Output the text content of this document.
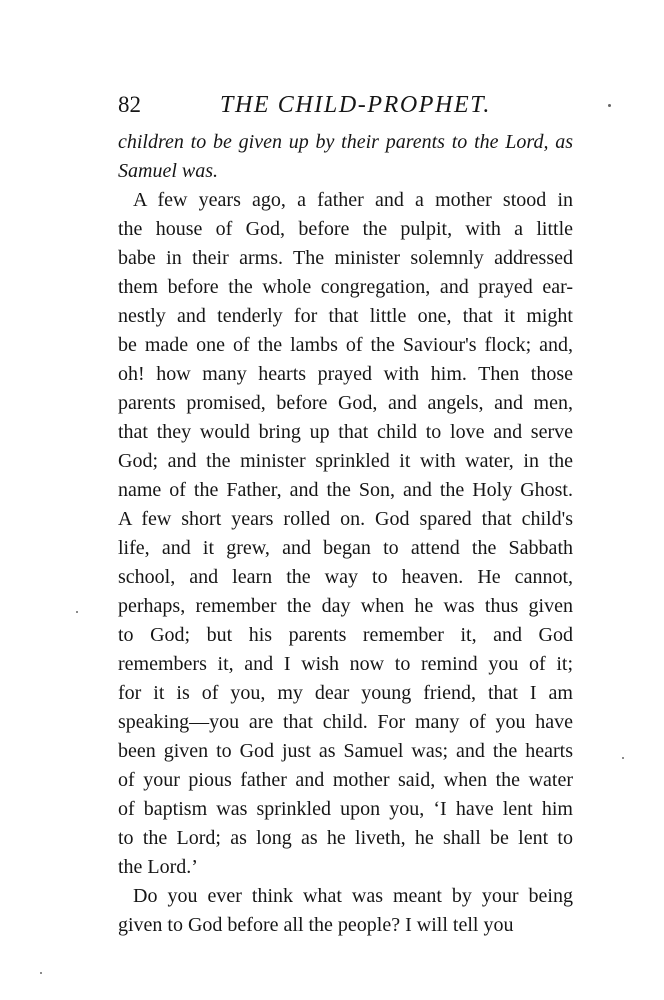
82	THE CHILD-PROPHET.
children to be given up by their parents to the Lord, as
Samuel was.
A few years ago, a father and a mother stood in
the house of God, before the pulpit, with a little
babe in their arms. The minister solemnly addressed
them before the whole congregation, and prayed ear-
nestly and tenderly for that little one, that it might
be made one of the lambs of the Saviour's flock; and,
oh! how many hearts prayed with him. Then those
parents promised, before God, and angels, and men,
that they would bring up that child to love and serve
God; and the minister sprinkled it with water, in the
name of the Father, and the Son, and the Holy Ghost.
A few short years rolled on. God spared that child's
life, and it grew, and began to attend the Sabbath
school, and learn the way to heaven. He cannot,
perhaps, remember the day when he was thus given
to God; but his parents remember it, and God
remembers it, and I wish now to remind you of it;
for it is of you, my dear young friend, that I am
speaking—you are that child. For many of you have
been given to God just as Samuel was; and the hearts
of your pious father and mother said, when the water
of baptism was sprinkled upon you, ‘I have lent him
to the Lord; as long as he liveth, he shall be lent to
the Lord.’
Do you ever think what was meant by your being
given to God before all the people? I will tell you
